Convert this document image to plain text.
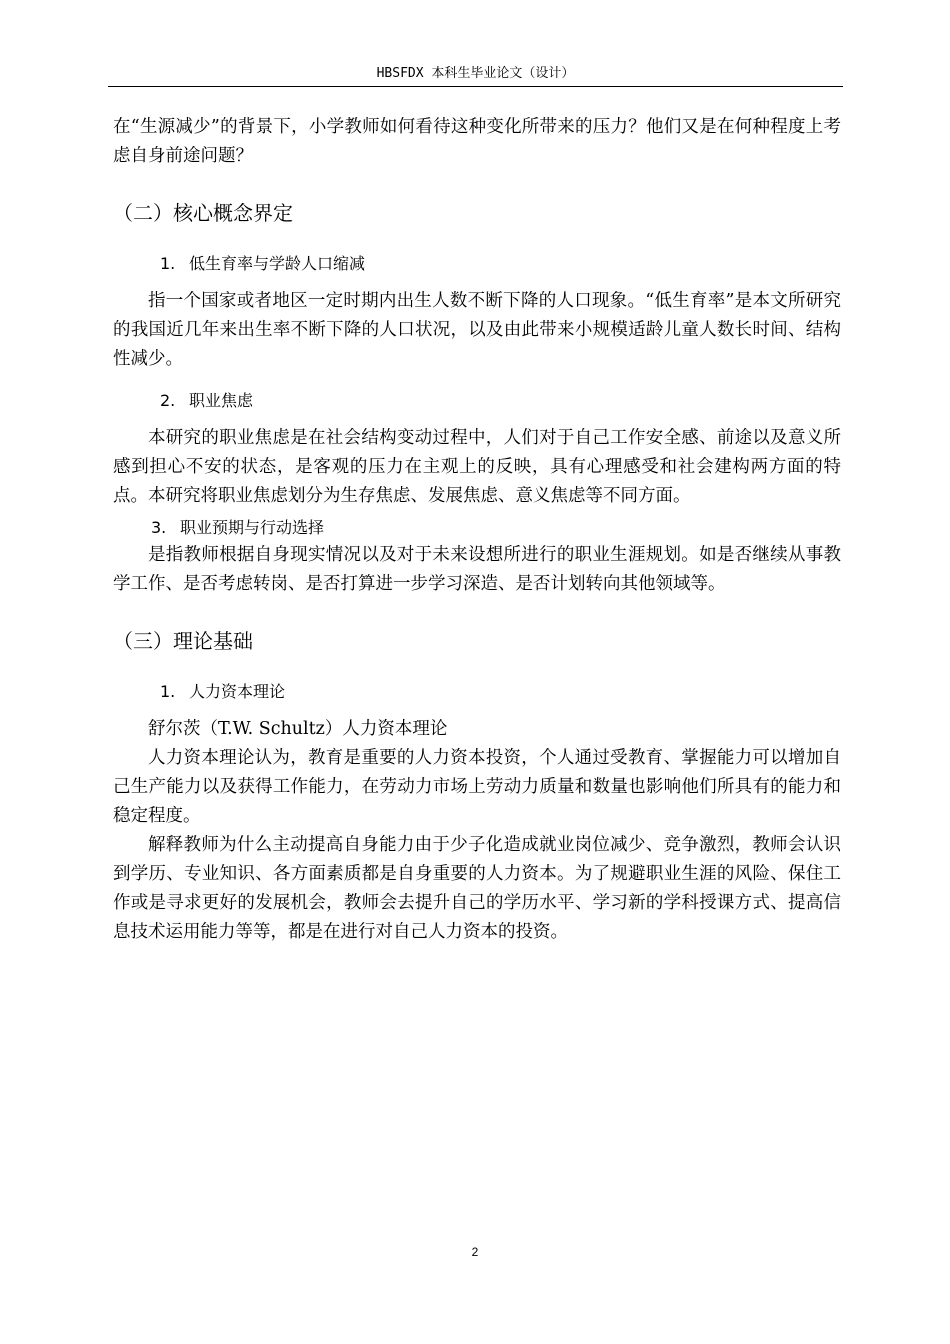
HBSFDX 本科生毕业论文（设计）

在“生源减少”的背景下，小学教师如何看待这种变化所带来的压力？他们又是在何种程度上考虑自身前途问题？

（二）核心概念界定
1. 低生育率与学龄人口缩减

指一个国家或者地区一定时期内出生人数不断下降的人口现象。“低生育率”是本文所研究的我国近几年来出生率不断下降的人口状况，以及由此带来小规模适龄儿童人数长时间、结构性减少。

2. 职业焦虑

本研究的职业焦虑是在社会结构变动过程中，人们对于自己工作安全感、前途以及意义所感到担心不安的状态，是客观的压力在主观上的反映，具有心理感受和社会建构两方面的特点。本研究将职业焦虑划分为生存焦虑、发展焦虑、意义焦虑等不同方面。

3. 职业预期与行动选择

是指教师根据自身现实情况以及对于未来设想所进行的职业生涯规划。如是否继续从事教学工作、是否考虑转岗、是否打算进一步学习深造、是否计划转向其他领域等。

（三）理论基础
1. 人力资本理论

舒尔茨（T.W. Schultz）人力资本理论

人力资本理论认为，教育是重要的人力资本投资，个人通过受教育、掌握能力可以增加自己生产能力以及获得工作能力，在劳动力市场上劳动力质量和数量也影响他们所具有的能力和稳定程度。

解释教师为什么主动提高自身能力由于少子化造成就业岗位减少、竞争激烈，教师会认识到学历、专业知识、各方面素质都是自身重要的人力资本。为了规避职业生涯的风险、保住工作或是寻求更好的发展机会，教师会去提升自己的学历水平、学习新的学科授课方式、提高信息技术运用能力等等，都是在进行对自己人力资本的投资。

2
